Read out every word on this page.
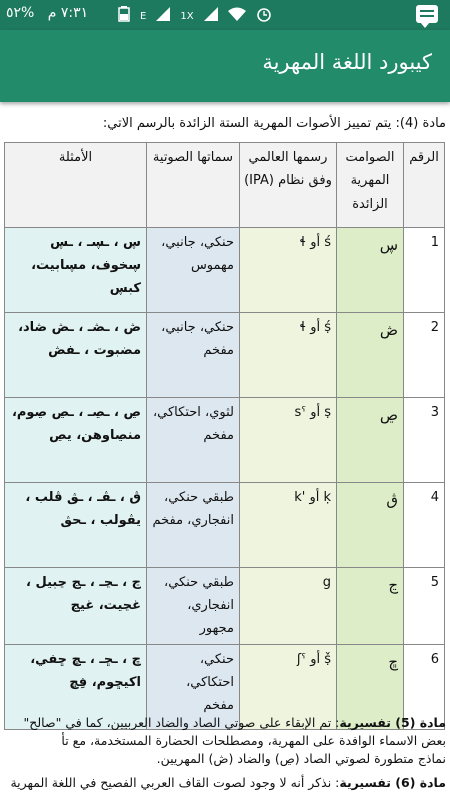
٧:٣١ م   %٥٢	E	1X
كيبورد اللغة المهرية
مادة (4): يتم تمييز الأصوات المهرية الستة الزائدة بالرسم الاتي:
الرقم	الصوامت المهرية الزائدة	رسمها العالمي وفق نظام (IPA)	سماتها الصوتية	الأمثلة
1	ڛ	ɬ أو ś	حنكي، جانبي، مهموس	ڛ ، ـڛـ ، ـڛ ڛخوف، مڛابيت، كبڛ
2	ڞ	ɬ أو ṣ́	حنكي، جانبي، مفخم	ڞ ، ـڞـ ، ـڞ ڞاد، مضبوت ، ـفڞ
3	ڝ	sˁ أو ṣ	لثوي، احتكاكي، مفخم	ڝ ، ـڝـ ، ـڝ ڝوم، منڝاوهن، يڝ
4	ڨ	k' أو ḳ	طبقي حنكي، انفجاري، مفخم	ڨ ، ـڨـ ، ـڨ ڨلب ، يڨولب ، ـحڨ
5	ڃ	g	طبقي حنكي، انفجاري، مجهور	ڃ ، ـڃـ ، ـڃ ڃبيل ، غڃيت، غيڃ
6	ڇ	ʃˁ أو ṣ̌	حنكي، احتكاكي، مفخم	ڇ ، ـڇـ ، ـڇ ڇفي، اكيڇوم، فِڇ

مادة (5) تفسيرية: تم الإبقاء على صوتي الصاد والضاد العربيين، كما في "صالح"

بعض الاسماء الوافدة على المهرية، ومصطلحات الحضارة المستخدمة، مع تأ

نماذج متطورة لصوتي الصاد (ڝ) والضاد (ڞ) المهريين.

مادة (6) تفسيرية: نذكر أنه لا وجود لصوت القاف العربي الفصيح في اللغة المهرية
